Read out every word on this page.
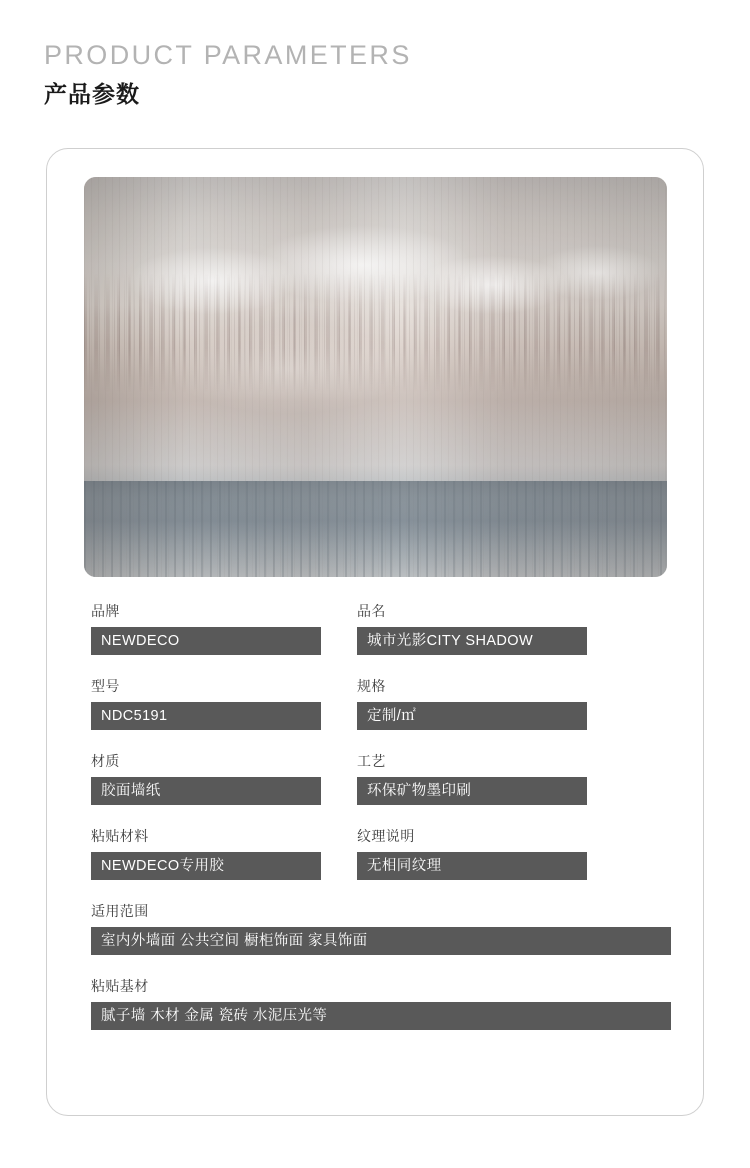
PRODUCT PARAMETERS
产品参数
品牌
NEWDECO
品名
城市光影CITY SHADOW
型号
NDC5191
规格
定制/㎡
材质
胶面墙纸
工艺
环保矿物墨印刷
粘贴材料
NEWDECO专用胶
纹理说明
无相同纹理
适用范围
室内外墙面 公共空间 橱柜饰面 家具饰面
粘贴基材
腻子墙 木材 金属 瓷砖 水泥压光等
